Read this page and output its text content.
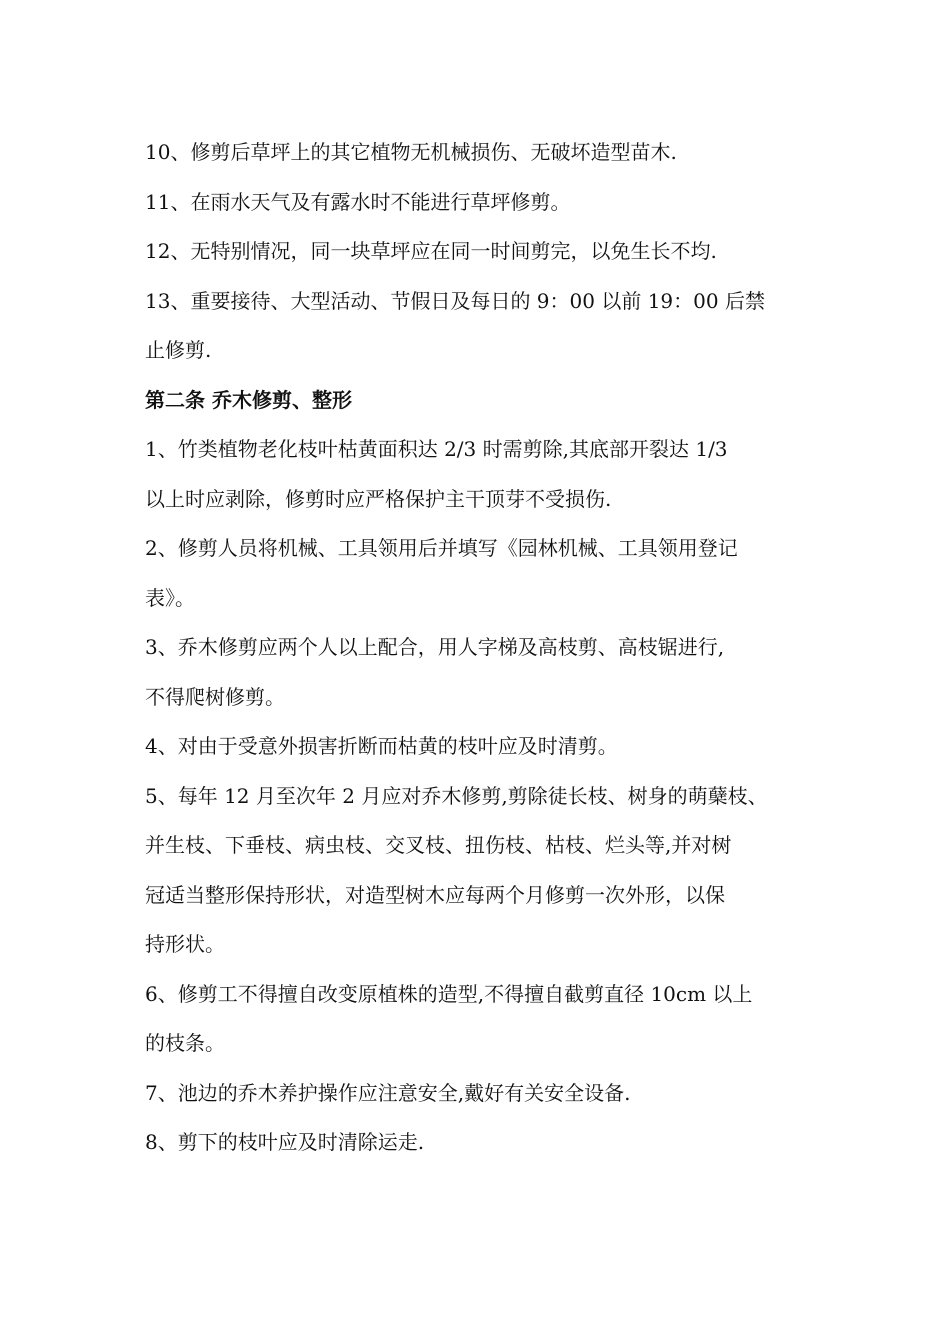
10、修剪后草坪上的其它植物无机械损伤、无破坏造型苗木.
11、在雨水天气及有露水时不能进行草坪修剪。
12、无特别情况，同一块草坪应在同一时间剪完，以免生长不均.
13、重要接待、大型活动、节假日及每日的 9：00 以前 19：00 后禁
止修剪.
第二条 乔木修剪、整形
1、竹类植物老化枝叶枯黄面积达 2/3 时需剪除,其底部开裂达 1/3
以上时应剥除，修剪时应严格保护主干顶芽不受损伤.
2、修剪人员将机械、工具领用后并填写《园林机械、工具领用登记
表》。
3、乔木修剪应两个人以上配合，用人字梯及高枝剪、高枝锯进行,
不得爬树修剪。
4、对由于受意外损害折断而枯黄的枝叶应及时清剪。
5、每年 12 月至次年 2 月应对乔木修剪,剪除徒长枝、树身的萌蘖枝、
并生枝、下垂枝、病虫枝、交叉枝、扭伤枝、枯枝、烂头等,并对树
冠适当整形保持形状，对造型树木应每两个月修剪一次外形，以保
持形状。
6、修剪工不得擅自改变原植株的造型,不得擅自截剪直径 10cm 以上
的枝条。
7、池边的乔木养护操作应注意安全,戴好有关安全设备.
8、剪下的枝叶应及时清除运走.
